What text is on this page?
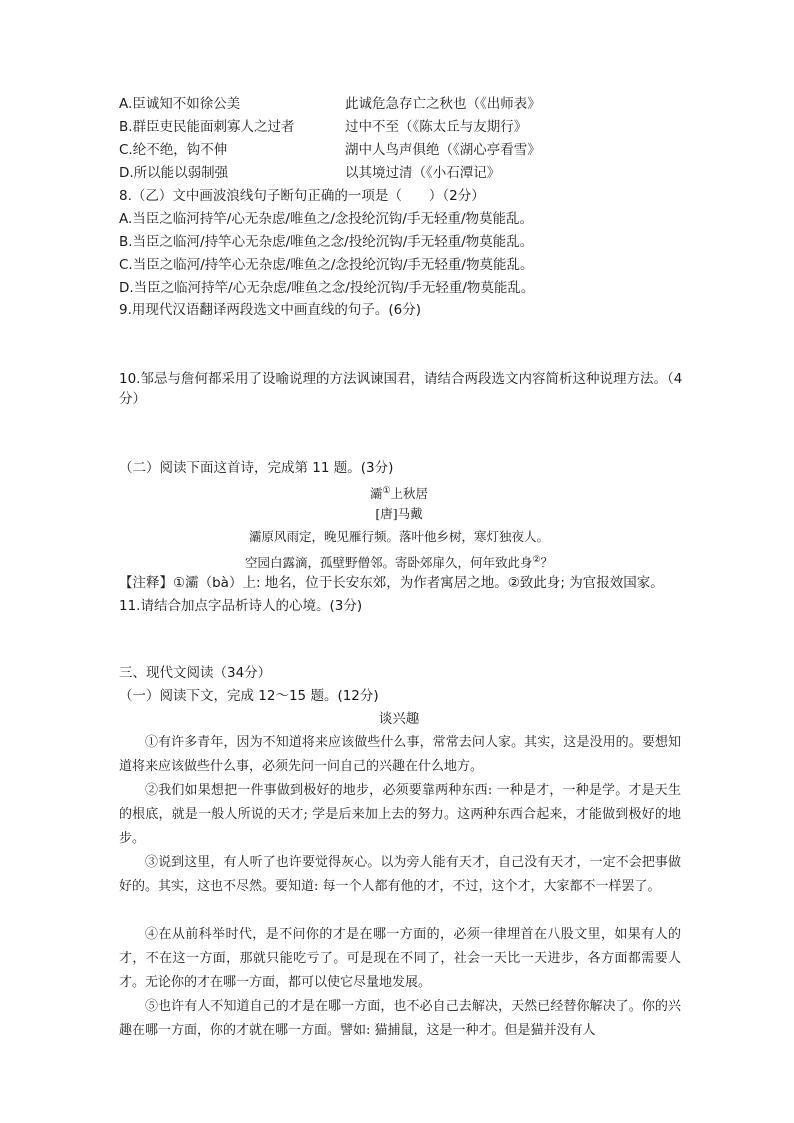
A.臣诚知不如徐公美	此诚危急存亡之秋也（《出师表》
B.群臣吏民能面刺寡人之过者	过中不至（《陈太丘与友期行》
C.纶不绝，钩不伸	湖中人鸟声俱绝（《湖心亭看雪》
D.所以能以弱制强	以其境过清（《小石潭记》
8.（乙）文中画波浪线句子断句正确的一项是（　　）（2分）
A.当臣之临河持竿/心无杂虑/唯鱼之/念投纶沉钩/手无轻重/物莫能乱。
B.当臣之临河/持竿心无杂虑/唯鱼之念/投纶沉钩/手无轻重/物莫能乱。
C.当臣之临河/持竿心无杂虑/唯鱼之/念投纶沉钩/手无轻重/物莫能乱。
D.当臣之临河持竿/心无杂虑/唯鱼之念/投纶沉钩/手无轻重/物莫能乱。
9.用现代汉语翻译两段选文中画直线的句子。(6分)
10.邹忌与詹何都采用了设喻说理的方法讽谏国君，请结合两段选文内容简析这种说理方法。（4分）
（二）阅读下面这首诗，完成第 11 题。(3分)
灞①上秋居
[唐]马戴
灞原风雨定，晚见雁行频。落叶他乡树，寒灯独夜人。
空园白露滴，孤壁野僧邻。寄卧郊扉久，何年致此身②？
【注释】①灞（bà）上: 地名，位于长安东郊，为作者寓居之地。②致此身; 为官报效国家。
11.请结合加点字品析诗人的心境。(3分)
三、现代文阅读（34分）
（一）阅读下文，完成 12～15 题。(12分)
谈兴趣
①有许多青年，因为不知道将来应该做些什么事，常常去问人家。其实，这是没用的。要想知道将来应该做些什么事，必须先问一问自己的兴趣在什么地方。
②我们如果想把一件事做到极好的地步，必须要靠两种东西: 一种是才，一种是学。才是天生的根底，就是一般人所说的天才; 学是后来加上去的努力。这两种东西合起来，才能做到极好的地步。
③说到这里，有人听了也许要觉得灰心。以为旁人能有天才，自己没有天才，一定不会把事做好的。其实，这也不尽然。要知道: 每一个人都有他的才，不过，这个才，大家都不一样罢了。
④在从前科举时代，是不问你的才是在哪一方面的，必须一律埋首在八股文里，如果有人的才，不在这一方面，那就只能吃亏了。可是现在不同了，社会一天比一天进步，各方面都需要人才。无论你的才在哪一方面，都可以使它尽量地发展。
⑤也许有人不知道自己的才是在哪一方面，也不必自己去解决，天然已经替你解决了。你的兴趣在哪一方面，你的才就在哪一方面。譬如: 猫捕鼠，这是一种才。但是猫并没有人
